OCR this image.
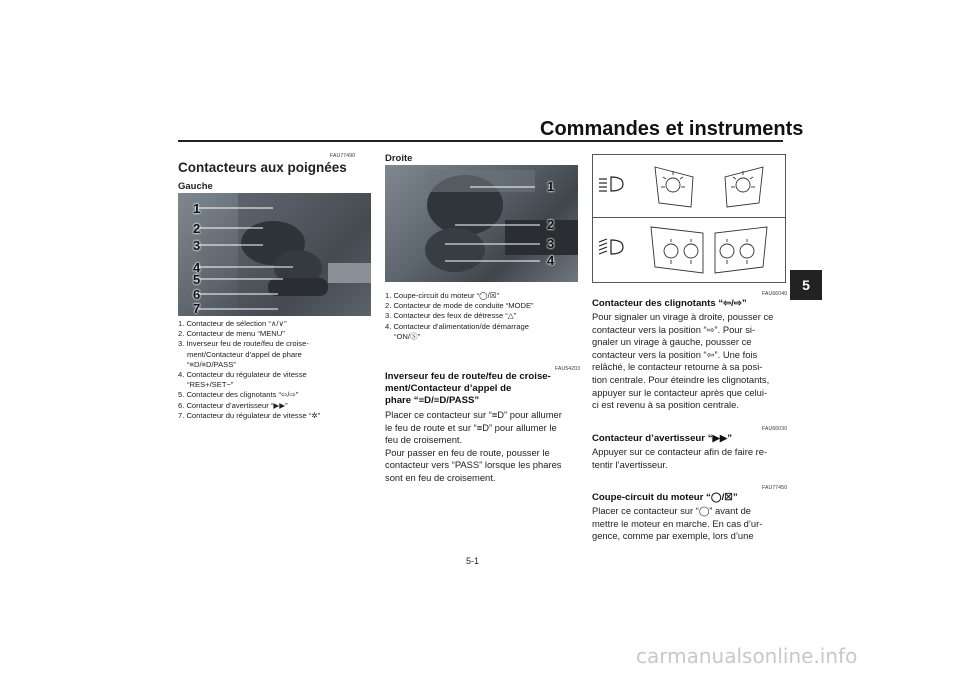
Commandes et instruments
5
FAU77490
Contacteurs aux poignées
Gauche
1
2
3
4
5
6
7
1. Contacteur de sélection “∧/∨”
2. Contacteur de menu “MENU”
3. Inverseur feu de route/feu de croise-
ment/Contacteur d’appel de phare
“≡D/≡D/PASS”
4. Contacteur du régulateur de vitesse
“RES+/SET−”
5. Contacteur des clignotants “⇦/⇨”
6. Contacteur d’avertisseur “▶▶”
7. Contacteur du régulateur de vitesse “✲”
Droite
1
2
3
4
1. Coupe-circuit du moteur “◯/☒”
2. Contacteur de mode de conduite “MODE”
3. Contacteur des feux de détresse “△”
4. Contacteur d’alimentation/de démarrage
“ON/Ⓢ”
FAU54203
Inverseur feu de route/feu de croise-
ment/Contacteur d’appel de
phare “≡D/≡D/PASS”
Placer ce contacteur sur “≡D” pour allumer
le feu de route et sur “≡D” pour allumer le
feu de croisement.
Pour passer en feu de route, pousser le
contacteur vers “PASS” lorsque les phares
sont en feu de croisement.
FAU66040
Contacteur des clignotants “⇦/⇨”
Pour signaler un virage à droite, pousser ce
contacteur vers la position “⇨”. Pour si-
gnaler un virage à gauche, pousser ce
contacteur vers la position “⇦”. Une fois
relâché, le contacteur retourne à sa posi-
tion centrale. Pour éteindre les clignotants,
appuyer sur le contacteur après que celui-
ci est revenu à sa position centrale.
FAU66030
Contacteur d’avertisseur “▶▶”
Appuyer sur ce contacteur afin de faire re-
tentir l’avertisseur.
FAU77450
Coupe-circuit du moteur “◯/☒”
Placer ce contacteur sur “◯” avant de
mettre le moteur en marche. En cas d’ur-
gence, comme par exemple, lors d’une
5-1
carmanualsonline.info
